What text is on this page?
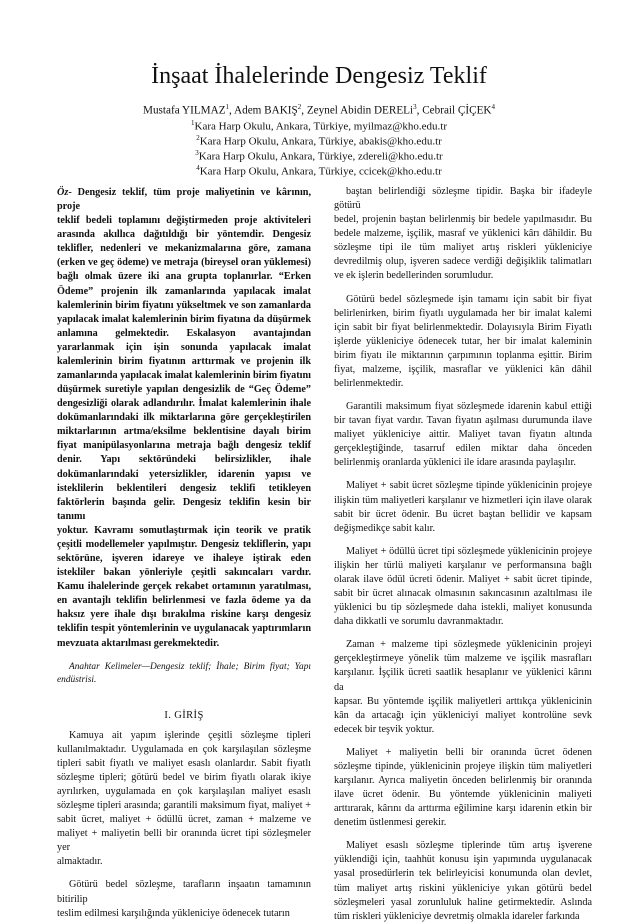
İnşaat İhalelerinde Dengesiz Teklif
Mustafa YILMAZ$^1$, Adem BAKIŞ$^2$, Zeynel Abidin DERELi$^3$, Cebrail ÇİÇEK$^4$
$^1$Kara Harp Okulu, Ankara, Türkiye, myilmaz@kho.edu.tr
$^2$Kara Harp Okulu, Ankara, Türkiye, abakis@kho.edu.tr
$^3$Kara Harp Okulu, Ankara, Türkiye, zdereli@kho.edu.tr
$^4$Kara Harp Okulu, Ankara, Türkiye, ccicek@kho.edu.tr
Öz- Dengesiz teklif, tüm proje maliyetinin ve kârının, proje
teklif bedeli toplamını değiştirmeden proje aktiviteleri
arasında akıllıca dağıtıldığı bir yöntemdir. Dengesiz
teklifler, nedenleri ve mekanizmalarına göre, zamana
(erken ve geç ödeme) ve metraja (bireysel oran yüklemesi)
bağlı olmak üzere iki ana grupta toplanırlar. “Erken
Ödeme” projenin ilk zamanlarında yapılacak imalat
kalemlerinin birim fiyatını yükseltmek ve son zamanlarda
yapılacak imalat kalemlerinin birim fiyatına da düşürmek
anlamına gelmektedir. Eskalasyon avantajından
yararlanmak için işin sonunda yapılacak imalat
kalemlerinin birim fiyatının arttırmak ve projenin ilk
zamanlarında yapılacak imalat kalemlerinin birim fiyatını
düşürmek suretiyle yapılan dengesizlik de “Geç Ödeme”
dengesizliği olarak adlandırılır. İmalat kalemlerinin ihale
dokümanlarındaki ilk miktarlarına göre gerçekleştirilen
miktarlarının artma/eksilme beklentisine dayalı birim
fiyat manipülasyonlarına metraja bağlı dengesiz teklif
denir. Yapı sektöründeki belirsizlikler, ihale
dokümanlarındaki yetersizlikler, idarenin yapısı ve
isteklilerin beklentileri dengesiz teklifi tetikleyen
faktörlerin başında gelir. Dengesiz teklifin kesin bir tanımı
yoktur. Kavramı somutlaştırmak için teorik ve pratik
çeşitli modellemeler yapılmıştır. Dengesiz tekliflerin, yapı
sektörüne, işveren idareye ve ihaleye iştirak eden
istekliler bakan yönleriyle çeşitli sakıncaları vardır.
Kamu ihalelerinde gerçek rekabet ortamının yaratılması,
en avantajlı teklifin belirlenmesi ve fazla ödeme ya da
haksız yere ihale dışı bırakılma riskine karşı dengesiz
teklifin tespit yöntemlerinin ve uygulanacak yaptırımların
mevzuata aktarılması gerekmektedir.
Anahtar Kelimeler—Dengesiz teklif; İhale; Birim fiyat; Yapı
endüstrisi.
I. GİRİŞ
Kamuya ait yapım işlerinde çeşitli sözleşme tipleri
kullanılmaktadır. Uygulamada en çok karşılaşılan sözleşme
tipleri sabit fiyatlı ve maliyet esaslı olanlardır. Sabit fiyatlı
sözleşme tipleri; götürü bedel ve birim fiyatlı olarak ikiye
ayrılırken, uygulamada en çok karşılaşılan maliyet esaslı
sözleşme tipleri arasında; garantili maksimum fiyat, maliyet +
sabit ücret, maliyet + ödüllü ücret, zaman + malzeme ve
maliyet + maliyetin belli bir oranında ücret tipi sözleşmeler yer
almaktadır.
Götürü bedel sözleşme, tarafların inşaatın tamamının bitirilip
teslim edilmesi karşılığında yükleniciye ödenecek tutarın
baştan belirlendiği sözleşme tipidir. Başka bir ifadeyle götürü
bedel, projenin baştan belirlenmiş bir bedele yapılmasıdır. Bu
bedele malzeme, işçilik, masraf ve yüklenici kârı dâhildir. Bu
sözleşme tipi ile tüm maliyet artış riskleri yükleniciye
devredilmiş olup, işveren sadece verdiği değişiklik talimatları
ve ek işlerin bedellerinden sorumludur.
Götürü bedel sözleşmede işin tamamı için sabit bir fiyat
belirlenirken, birim fiyatlı uygulamada her bir imalat kalemi
için sabit bir fiyat belirlenmektedir. Dolayısıyla Birim Fiyatlı
işlerde yükleniciye ödenecek tutar, her bir imalat kaleminin
birim fiyatı ile miktarının çarpımının toplanma eşittir. Birim
fiyat, malzeme, işçilik, masraflar ve yüklenici kân dâhil
belirlenmektedir.
Garantili maksimum fiyat sözleşmede idarenin kabul ettiği
bir tavan fiyat vardır. Tavan fiyatın aşılması durumunda ilave
maliyet yükleniciye aittir. Maliyet tavan fiyatın altında
gerçekleştiğinde, tasarruf edilen miktar daha önceden
belirlenmiş oranlarda yüklenici ile idare arasında paylaşılır.
Maliyet + sabit ücret sözleşme tipinde yüklenicinin projeye
ilişkin tüm maliyetleri karşılanır ve hizmetleri için ilave olarak
sabit bir ücret ödenir. Bu ücret baştan bellidir ve kapsam
değişmedikçe sabit kalır.
Maliyet + ödüllü ücret tipi sözleşmede yüklenicinin projeye
ilişkin her türlü maliyeti karşılanır ve performansına bağlı
olarak ilave ödül ücreti ödenir. Maliyet + sabit ücret tipinde,
sabit bir ücret alınacak olmasının sakıncasının azaltılması ile
yüklenici bu tip sözleşmede daha istekli, maliyet konusunda
daha dikkatli ve sorumlu davranmaktadır.
Zaman + malzeme tipi sözleşmede yüklenicinin projeyi
gerçekleştirmeye yönelik tüm malzeme ve işçilik masrafları
karşılanır. İşçilik ücreti saatlik hesaplanır ve yüklenici kârını da
kapsar. Bu yöntemde işçilik maliyetleri arttıkça yüklenicinin
kân da artacağı için yükleniciyi maliyet kontrolüne sevk
edecek bir teşvik yoktur.
Maliyet + maliyetin belli bir oranında ücret ödenen
sözleşme tipinde, yüklenicinin projeye ilişkin tüm maliyetleri
karşılanır. Ayrıca maliyetin önceden belirlenmiş bir oranında
ilave ücret ödenir. Bu yöntemde yüklenicinin maliyeti
arttırarak, kârını da arttırma eğilimine karşı idarenin etkin bir
denetim üstlenmesi gerekir.
Maliyet esaslı sözleşme tiplerinde tüm artış işverene
yüklendiği için, taahhüt konusu işin yapımında uygulanacak
yasal prosedürlerin tek belirleyicisi konumunda olan devlet,
tüm maliyet artış riskini yükleniciye yıkan götürü bedel
sözleşmeleri yasal zorunluluk haline getirmektedir. Aslında
tüm riskleri yükleniciye devretmiş olmakla idareler farkında
